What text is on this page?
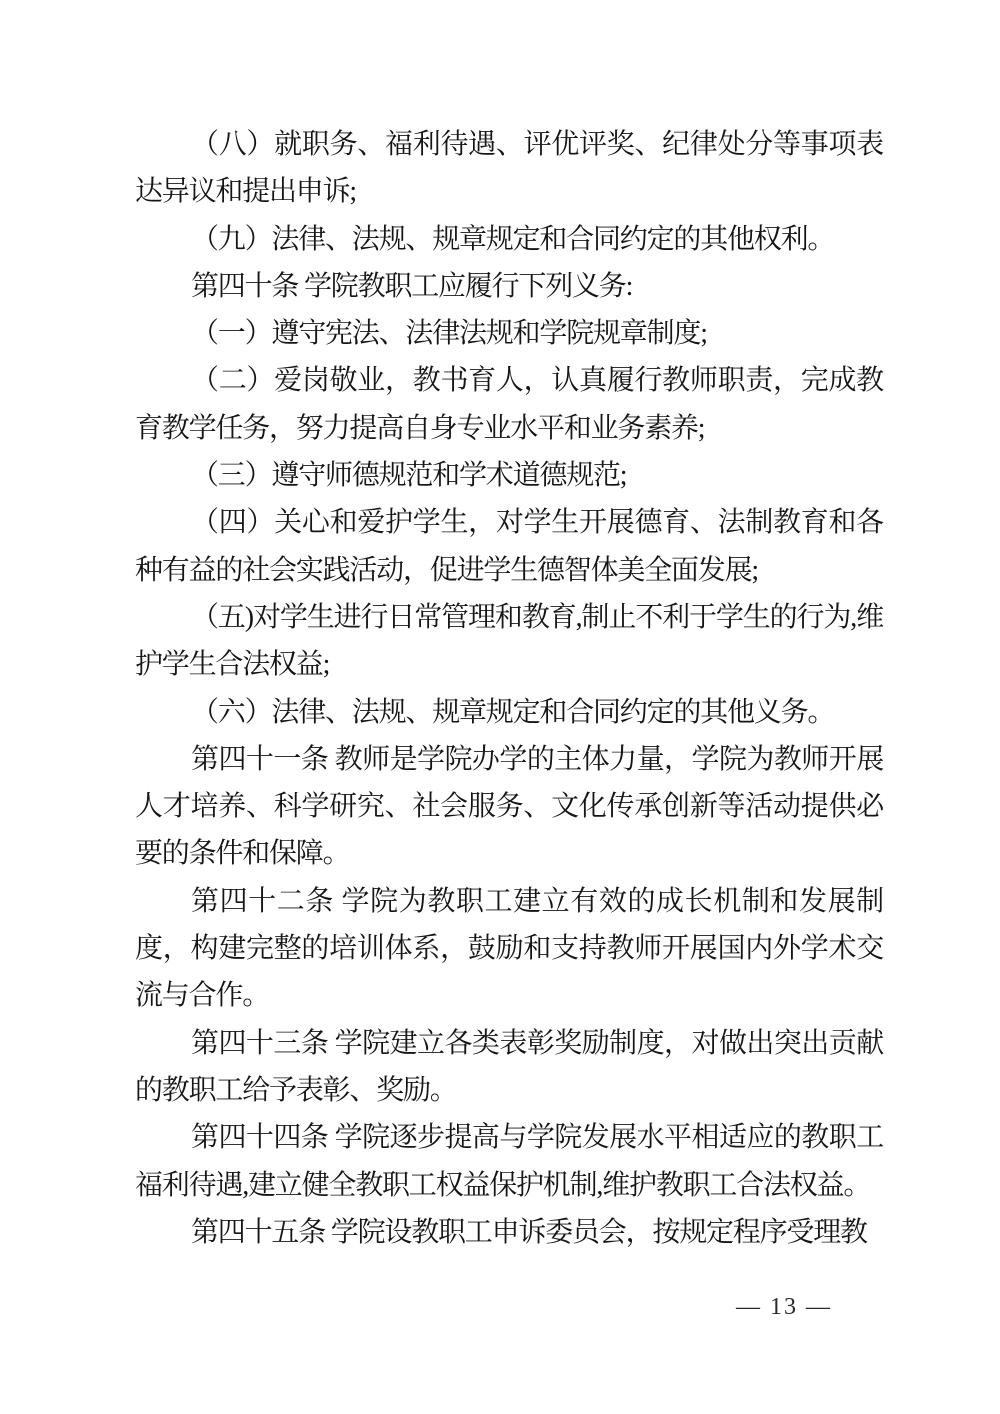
（八）就职务、福利待遇、评优评奖、纪律处分等事项表达异议和提出申诉;

（九）法律、法规、规章规定和合同约定的其他权利。

第四十条 学院教职工应履行下列义务:

（一）遵守宪法、法律法规和学院规章制度;

（二）爱岗敬业，教书育人，认真履行教师职责，完成教育教学任务，努力提高自身专业水平和业务素养;

（三）遵守师德规范和学术道德规范;

（四）关心和爱护学生，对学生开展德育、法制教育和各种有益的社会实践活动，促进学生德智体美全面发展;

（五)对学生进行日常管理和教育,制止不利于学生的行为,维护学生合法权益;

（六）法律、法规、规章规定和合同约定的其他义务。

第四十一条 教师是学院办学的主体力量，学院为教师开展人才培养、科学研究、社会服务、文化传承创新等活动提供必要的条件和保障。

第四十二条 学院为教职工建立有效的成长机制和发展制度，构建完整的培训体系，鼓励和支持教师开展国内外学术交流与合作。

第四十三条 学院建立各类表彰奖励制度，对做出突出贡献的教职工给予表彰、奖励。

第四十四条 学院逐步提高与学院发展水平相适应的教职工福利待遇,建立健全教职工权益保护机制,维护教职工合法权益。

第四十五条 学院设教职工申诉委员会，按规定程序受理教

— 13 —
